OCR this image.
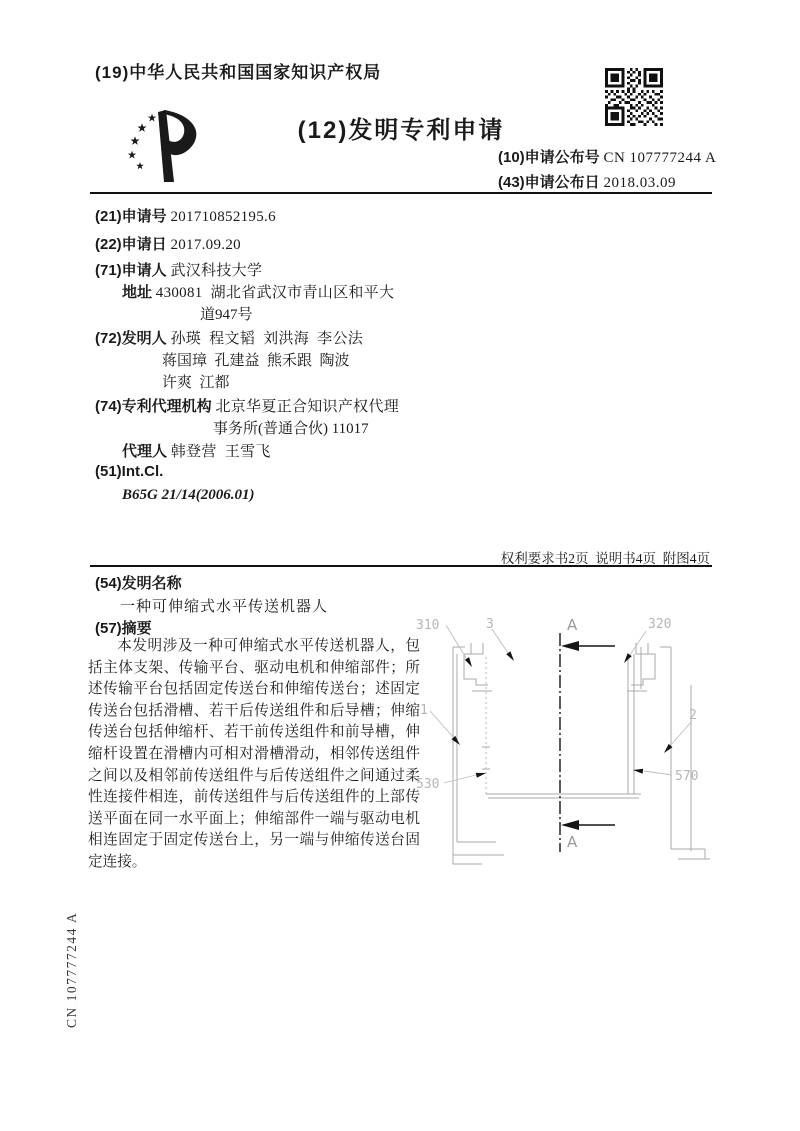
(19)中华人民共和国国家知识产权局
(12)发明专利申请
(10)申请公布号 CN 107777244 A
(43)申请公布日 2018.03.09
(21)申请号 201710852195.6
(22)申请日 2017.09.20
(71)申请人 武汉科技大学
地址 430081  湖北省武汉市青山区和平大
道947号
(72)发明人 孙瑛  程文韬  刘洪海  李公法
蒋国璋  孔建益  熊禾跟  陶波
许爽  江都
(74)专利代理机构 北京华夏正合知识产权代理
事务所(普通合伙) 11017
代理人 韩登营  王雪飞
(51)Int.Cl.
B65G 21/14(2006.01)
权利要求书2页  说明书4页  附图4页
(54)发明名称
一种可伸缩式水平传送机器人
(57)摘要

本发明涉及一种可伸缩式水平传送机器人，包括主体支架、传输平台、驱动电机和伸缩部件；所述传输平台包括固定传送台和伸缩传送台；述固定传送台包括滑槽、若干后传送组件和后导槽；伸缩传送台包括伸缩杆、若干前传送组件和前导槽，伸缩杆设置在滑槽内可相对滑槽滑动，相邻传送组件之间以及相邻前传送组件与后传送组件之间通过柔性连接件相连，前传送组件与后传送组件的上部传送平面在同一水平面上；伸缩部件一端与驱动电机相连固定于固定传送台上，另一端与伸缩传送台固定连接。

310	3	320
1	2
530
570
A
A
CN 107777244 A
